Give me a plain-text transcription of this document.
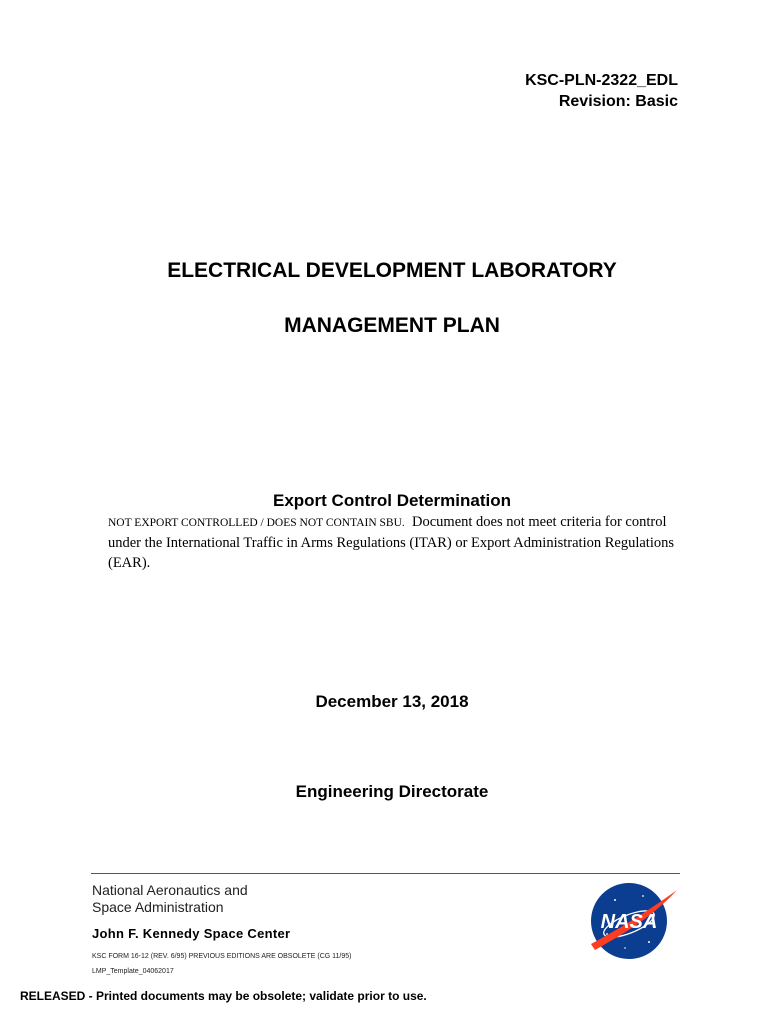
KSC-PLN-2322_EDL
Revision: Basic
ELECTRICAL DEVELOPMENT LABORATORY
MANAGEMENT PLAN
Export Control Determination
NOT EXPORT CONTROLLED / DOES NOT CONTAIN SBU. Document does not meet criteria for control under the International Traffic in Arms Regulations (ITAR) or Export Administration Regulations (EAR).
December 13, 2018
Engineering Directorate
National Aeronautics and
Space Administration
John F. Kennedy Space Center
KSC FORM 16-12 (REV. 6/95) PREVIOUS EDITIONS ARE OBSOLETE (CG 11/95)
LMP_Template_04062017
NASA
RELEASED - Printed documents may be obsolete; validate prior to use.
